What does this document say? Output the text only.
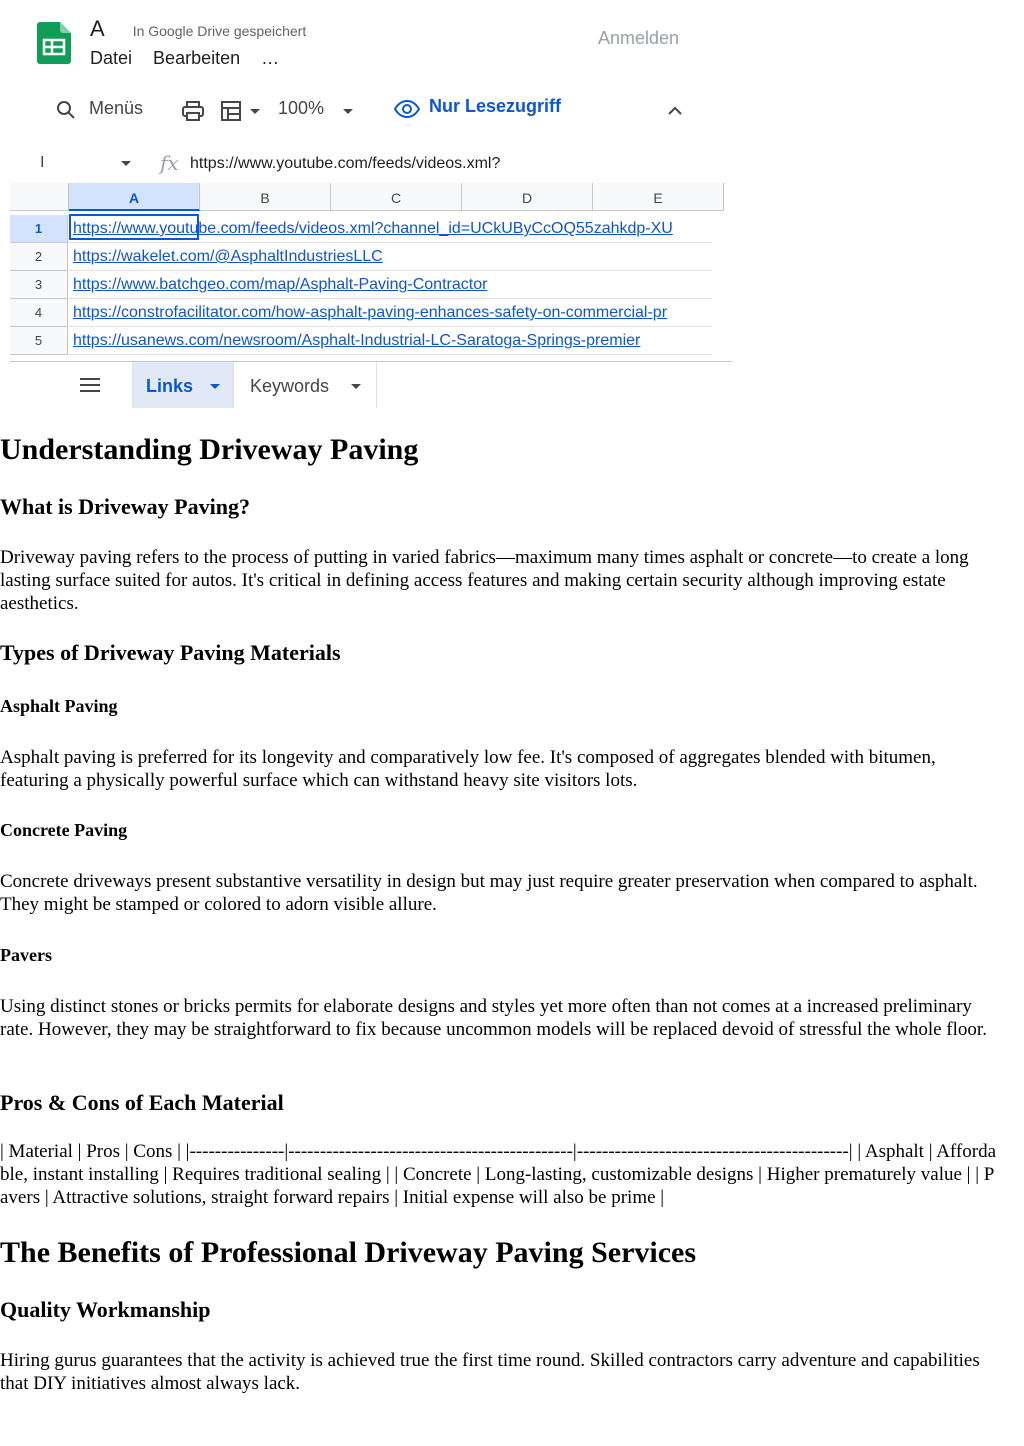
A In Google Drive gespeichert
Datei Bearbeiten …
Anmelden
Menüs	100%	Nur Lesezugriff
I	fx https://www.youtube.com/feeds/videos.xml?
A	B	C	D	E
1	https://www.youtube.com/feeds/videos.xml?channel_id=UCkUByCcOQ55zahkdp-XU
2	https://wakelet.com/@AsphaltIndustriesLLC
3	https://www.batchgeo.com/map/Asphalt-Paving-Contractor
4	https://constrofacilitator.com/how-asphalt-paving-enhances-safety-on-commercial-pr
5	https://usanews.com/newsroom/Asphalt-Industrial-LC-Saratoga-Springs-premier
Links	Keywords
Understanding Driveway Paving
What is Driveway Paving?

Driveway paving refers to the process of putting in varied fabrics—maximum many times asphalt or concrete—to create a long lasting surface suited for autos. It's critical in defining access features and making certain security although improving estate aesthetics.

Types of Driveway Paving Materials
Asphalt Paving

Asphalt paving is preferred for its longevity and comparatively low fee. It's composed of aggregates blended with bitumen, featuring a physically powerful surface which can withstand heavy site visitors lots.

Concrete Paving

Concrete driveways present substantive versatility in design but may just require greater preservation when compared to asphalt. They might be stamped or colored to adorn visible allure.

Pavers

Using distinct stones or bricks permits for elaborate designs and styles yet more often than not comes at a increased preliminary rate. However, they may be straightforward to fix because uncommon models will be replaced devoid of stressful the whole floor.

Pros & Cons of Each Material

| Material | Pros | Cons | |---------------|---------------------------------------------|-------------------------------------------| | Asphalt | Affordable, instant installing | Requires traditional sealing | | Concrete | Long-lasting, customizable designs | Higher prematurely value | | Pavers | Attractive solutions, straight forward repairs | Initial expense will also be prime |

The Benefits of Professional Driveway Paving Services
Quality Workmanship

Hiring gurus guarantees that the activity is achieved true the first time round. Skilled contractors carry adventure and capabilities that DIY initiatives almost always lack.
